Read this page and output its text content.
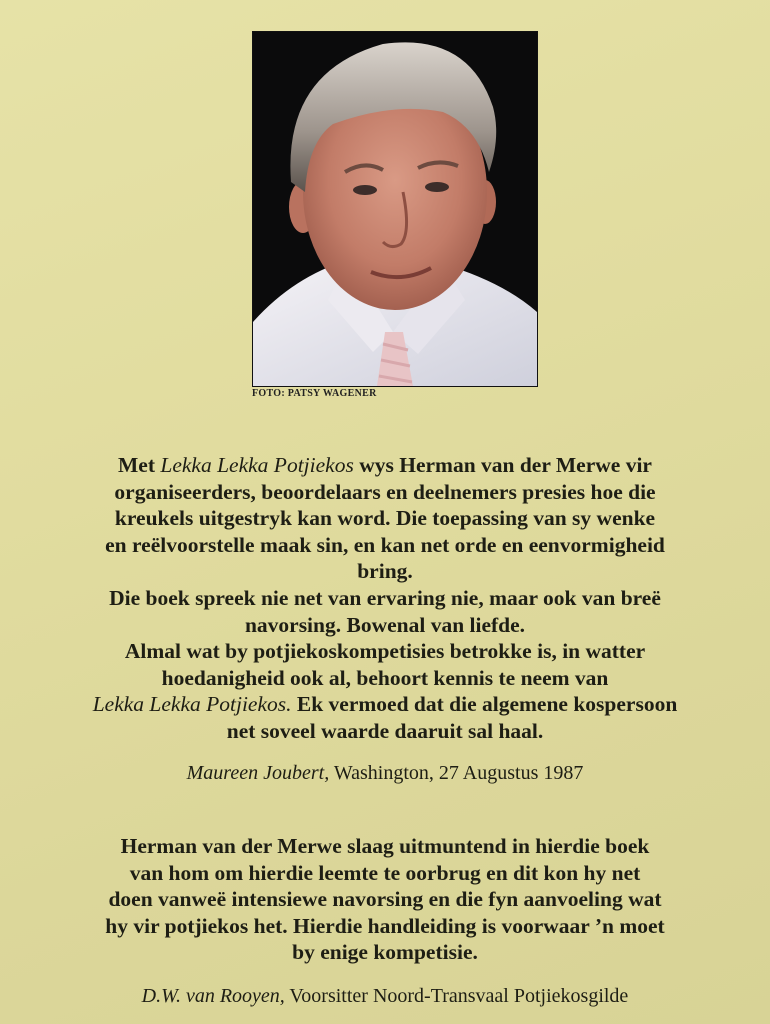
FOTO: PATSY WAGENER

Met Lekka Lekka Potjiekos wys Herman van der Merwe vir

organiseerders, beoordelaars en deelnemers presies hoe die

kreukels uitgestryk kan word. Die toepassing van sy wenke

en reëlvoorstelle maak sin, en kan net orde en eenvormigheid

bring.

Die boek spreek nie net van ervaring nie, maar ook van breë

navorsing. Bowenal van liefde.

Almal wat by potjiekoskompetisies betrokke is, in watter

hoedanigheid ook al, behoort kennis te neem van

Lekka Lekka Potjiekos. Ek vermoed dat die algemene kospersoon

net soveel waarde daaruit sal haal.

Maureen Joubert, Washington, 27 Augustus 1987

Herman van der Merwe slaag uitmuntend in hierdie boek

van hom om hierdie leemte te oorbrug en dit kon hy net

doen vanweë intensiewe navorsing en die fyn aanvoeling wat

hy vir potjiekos het. Hierdie handleiding is voorwaar ’n moet

by enige kompetisie.

D.W. van Rooyen, Voorsitter Noord-Transvaal Potjiekosgilde
